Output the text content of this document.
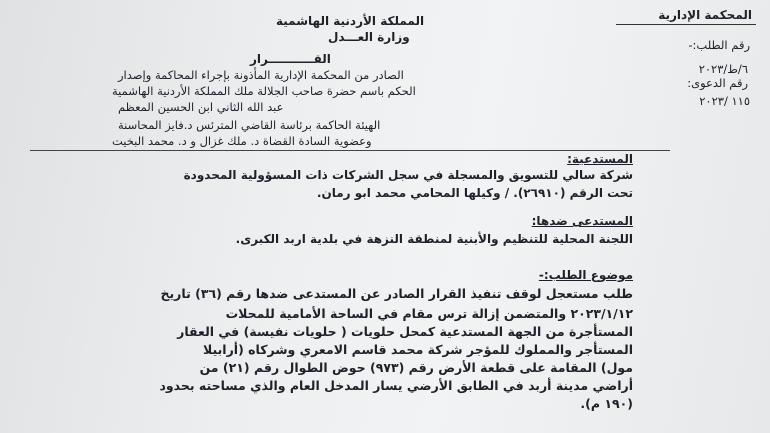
المحكمة الإدارية
المملكة الأردنية الهاشمية
وزارة العـــدل
رقم الطلب:-
٦/ط/٢٠٢٣
رقم الدعوى:
١١٥ /٢٠٢٣
القـــــــــــرار
الصادر من المحكمة الإدارية المأذونة بإجراء المحاكمة وإصدار
الحكم باسم حضرة صاحب الجلالة ملك المملكة الأردنية الهاشمية
عبد الله الثاني ابن الحسين المعظم
الهيئة الحاكمة برئاسة القاضي المترئس د.فايز المحاسنة
وعضوية السادة القضاة د. ملك غزال و د. محمد البخيت
المستدعية:
شركة سالي للتسويق والمسجلة في سجل الشركات ذات المسؤولية المحدودة
تحت الرقم (٢٦٩١٠). / وكيلها المحامي محمد ابو رمان.
المستدعى ضدها:
اللجنة المحلية للتنظيم والأبنية لمنطقة النزهة في بلدية اربد الكبرى.
موضوع الطلب:-
طلب مستعجل لوقف تنفيذ القرار الصادر عن المستدعى ضدها رقم (٣٦) تاريخ
٢٠٢٣/١/١٢ والمتضمن إزالة ترس مقام في الساحة الأمامية للمحلات
المستأجرة من الجهة المستدعية كمحل حلويات ( حلويات نفيسة) في العقار
المستأجر والمملوك للمؤجر شركة محمد قاسم الامعري وشركاه (أرابيلا
مول) المقامة على قطعة الأرض رقم (٩٧٣) حوض الطوال رقم (٢١) من
أراضي مدينة أربد في الطابق الأرضي يسار المدخل العام والذي مساحته بحدود
(١٩٠ م).
